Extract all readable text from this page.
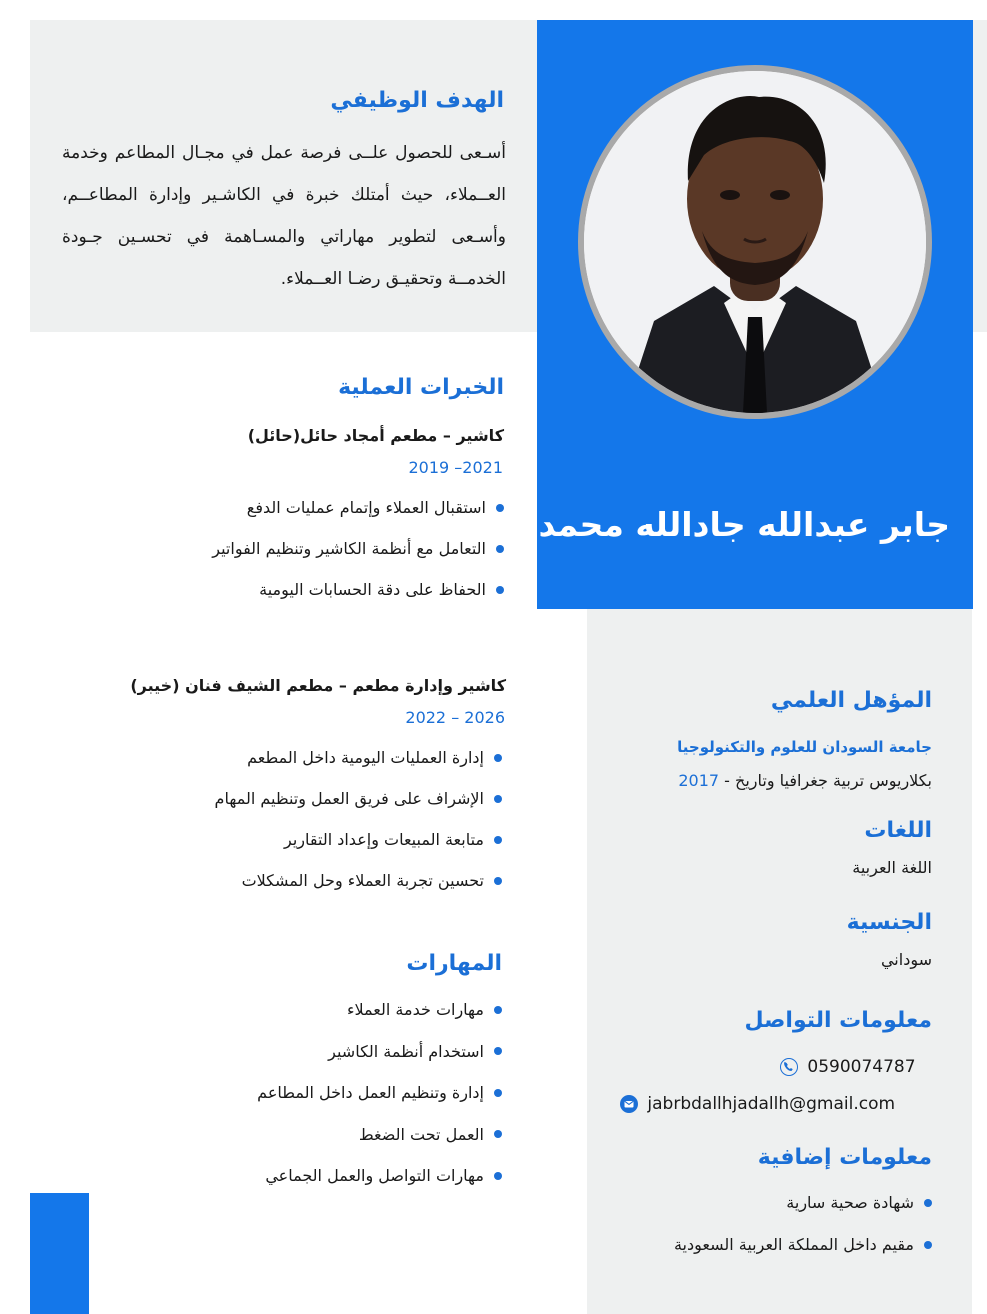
جابر عبدالله جادالله محمد
الهدف الوظيفي
أسـعى للحصول علــى فرصة عمل في مجـال المطاعم وخدمة العــملاء، حيث أمتلك خبرة في الكاشـير وإدارة المطاعــم، وأسـعى لتطوير مهاراتي والمسـاهمة في تحسـين جـودة الخدمــة وتحقيـق رضـا العــملاء.
الخبرات العملية
كاشير – مطعم أمجاد حائل(حائل)
2021– 2019
استقبال العملاء وإتمام عمليات الدفع
التعامل مع أنظمة الكاشير وتنظيم الفواتير
الحفاظ على دقة الحسابات اليومية
كاشير وإدارة مطعم – مطعم الشيف فنان (خيبر)
2026 – 2022
إدارة العمليات اليومية داخل المطعم
الإشراف على فريق العمل وتنظيم المهام
متابعة المبيعات وإعداد التقارير
تحسين تجربة العملاء وحل المشكلات
المهارات
مهارات خدمة العملاء
استخدام أنظمة الكاشير
إدارة وتنظيم العمل داخل المطاعم
العمل تحت الضغط
مهارات التواصل والعمل الجماعي
المؤهل العلمي
جامعة السودان للعلوم والتكنولوجيا
بكلاريوس تربية جغرافيا وتاريخ - 2017
اللغات
اللغة العربية
الجنسية
سوداني
معلومات التواصل
0590074787
jabrbdallhjadallh@gmail.com
معلومات إضافية
شهادة صحية سارية
مقيم داخل المملكة العربية السعودية
